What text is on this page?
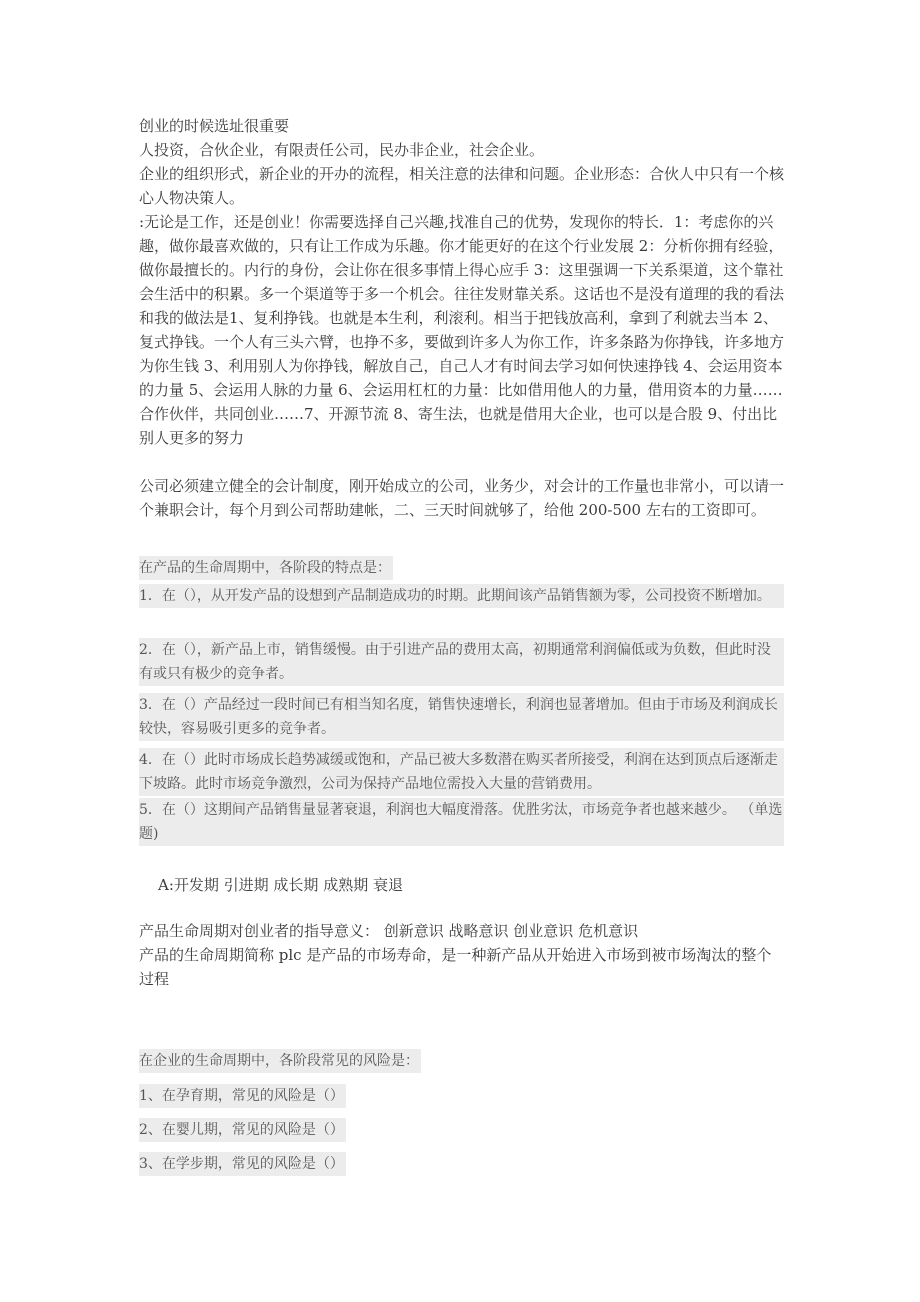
创业的时候选址很重要
人投资，合伙企业，有限责任公司，民办非企业，社会企业。
企业的组织形式，新企业的开办的流程，相关注意的法律和问题。企业形态：合伙人中只有一个核心人物决策人。
:无论是工作，还是创业！你需要选择自己兴趣,找准自己的优势，发现你的特长．1：考虑你的兴趣，做你最喜欢做的，只有让工作成为乐趣。你才能更好的在这个行业发展 2：分析你拥有经验，做你最擅长的。内行的身份，会让你在很多事情上得心应手 3：这里强调一下关系渠道，这个靠社会生活中的积累。多一个渠道等于多一个机会。往往发财靠关系。这话也不是没有道理的我的看法和我的做法是1、复利挣钱。也就是本生利，利滚利。相当于把钱放高利，拿到了利就去当本 2、复式挣钱。一个人有三头六臂，也挣不多，要做到许多人为你工作，许多条路为你挣钱，许多地方为你生钱 3、利用别人为你挣钱，解放自己，自己人才有时间去学习如何快速挣钱 4、会运用资本的力量 5、会运用人脉的力量 6、会运用杠杠的力量：比如借用他人的力量，借用资本的力量……合作伙伴，共同创业……7、开源节流 8、寄生法，也就是借用大企业，也可以是合股 9、付出比别人更多的努力
公司必须建立健全的会计制度，刚开始成立的公司，业务少，对会计的工作量也非常小，可以请一个兼职会计，每个月到公司帮助建帐，二、三天时间就够了，给他 200-500 左右的工资即可。
在产品的生命周期中，各阶段的特点是：
1．在（），从开发产品的设想到产品制造成功的时期。此期间该产品销售额为零，公司投资不断增加。
2．在（），新产品上市，销售缓慢。由于引进产品的费用太高，初期通常利润偏低或为负数，但此时没有或只有极少的竞争者。
3．在（）产品经过一段时间已有相当知名度，销售快速增长，利润也显著增加。但由于市场及利润成长较快，容易吸引更多的竞争者。
4．在（）此时市场成长趋势减缓或饱和，产品已被大多数潜在购买者所接受，利润在达到顶点后逐渐走下坡路。此时市场竞争激烈，公司为保持产品地位需投入大量的营销费用。
5．在（）这期间产品销售量显著衰退，利润也大幅度滑落。优胜劣汰，市场竞争者也越来越少。 （单选题)
A:开发期 引进期 成长期 成熟期 衰退
产品生命周期对创业者的指导意义： 创新意识 战略意识 创业意识 危机意识
产品的生命周期简称 plc 是产品的市场寿命，是一种新产品从开始进入市场到被市场淘汰的整个过程
在企业的生命周期中，各阶段常见的风险是：
1、在孕育期，常见的风险是（）
2、在婴儿期，常见的风险是（）
3、在学步期，常见的风险是（）
